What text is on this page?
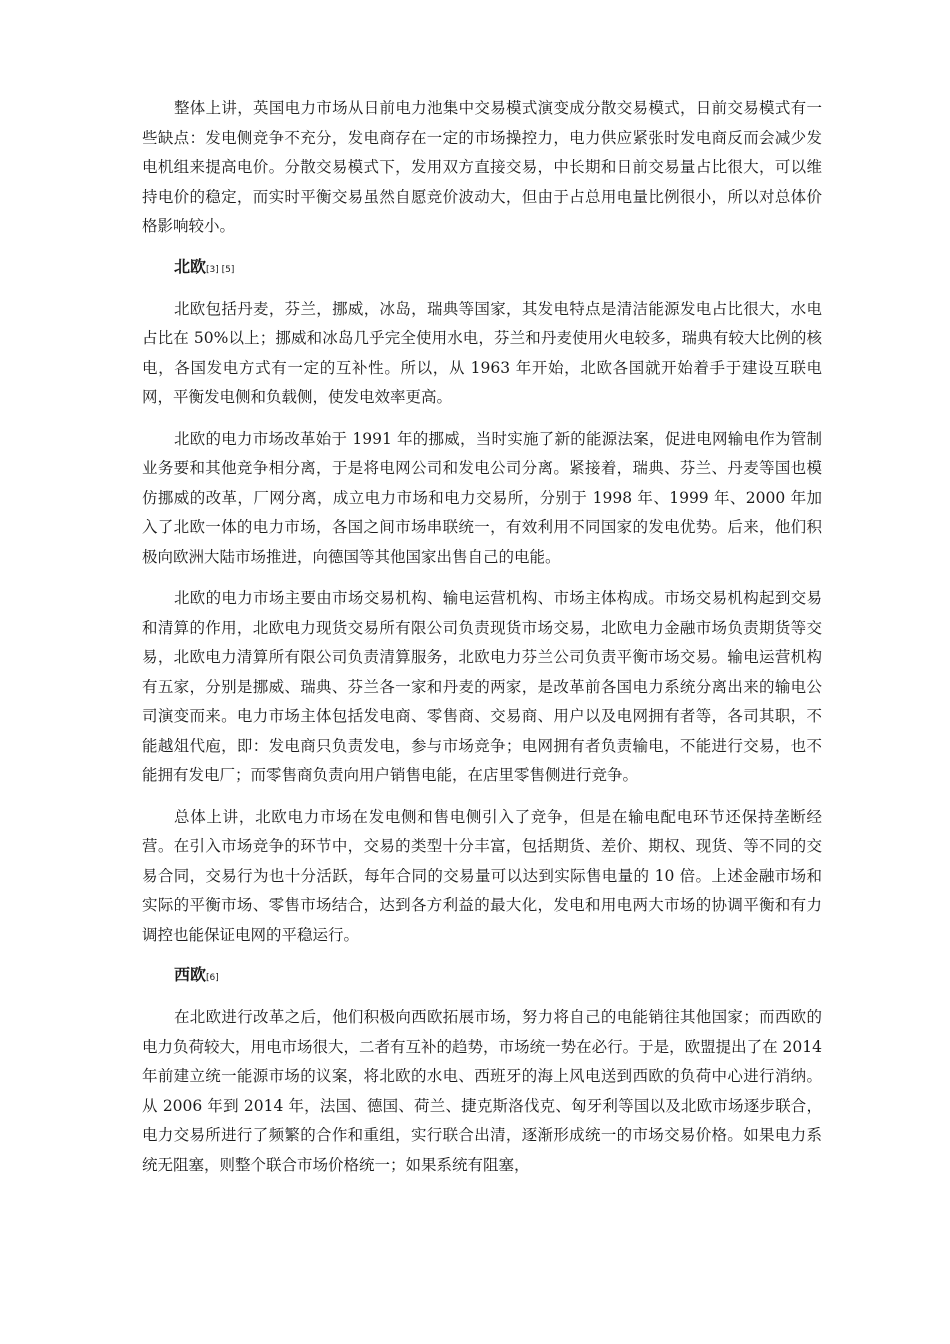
整体上讲，英国电力市场从日前电力池集中交易模式演变成分散交易模式，日前交易模式有一些缺点：发电侧竞争不充分，发电商存在一定的市场操控力，电力供应紧张时发电商反而会减少发电机组来提高电价。分散交易模式下，发用双方直接交易，中长期和日前交易量占比很大，可以维持电价的稳定，而实时平衡交易虽然自愿竞价波动大，但由于占总用电量比例很小，所以对总体价格影响较小。

北欧[3] [5]

北欧包括丹麦，芬兰，挪威，冰岛，瑞典等国家，其发电特点是清洁能源发电占比很大，水电占比在 50%以上；挪威和冰岛几乎完全使用水电，芬兰和丹麦使用火电较多，瑞典有较大比例的核电，各国发电方式有一定的互补性。所以，从 1963 年开始，北欧各国就开始着手于建设互联电网，平衡发电侧和负载侧，使发电效率更高。

北欧的电力市场改革始于 1991 年的挪威，当时实施了新的能源法案，促进电网输电作为管制业务要和其他竞争相分离，于是将电网公司和发电公司分离。紧接着，瑞典、芬兰、丹麦等国也模仿挪威的改革，厂网分离，成立电力市场和电力交易所，分别于 1998 年、1999 年、2000 年加入了北欧一体的电力市场，各国之间市场串联统一，有效利用不同国家的发电优势。后来，他们积极向欧洲大陆市场推进，向德国等其他国家出售自己的电能。

北欧的电力市场主要由市场交易机构、输电运营机构、市场主体构成。市场交易机构起到交易和清算的作用，北欧电力现货交易所有限公司负责现货市场交易，北欧电力金融市场负责期货等交易，北欧电力清算所有限公司负责清算服务，北欧电力芬兰公司负责平衡市场交易。输电运营机构有五家，分别是挪威、瑞典、芬兰各一家和丹麦的两家，是改革前各国电力系统分离出来的输电公司演变而来。电力市场主体包括发电商、零售商、交易商、用户以及电网拥有者等，各司其职，不能越俎代庖，即：发电商只负责发电，参与市场竞争；电网拥有者负责输电，不能进行交易，也不能拥有发电厂；而零售商负责向用户销售电能，在店里零售侧进行竞争。

总体上讲，北欧电力市场在发电侧和售电侧引入了竞争，但是在输电配电环节还保持垄断经营。在引入市场竞争的环节中，交易的类型十分丰富，包括期货、差价、期权、现货、等不同的交易合同，交易行为也十分活跃，每年合同的交易量可以达到实际售电量的 10 倍。上述金融市场和实际的平衡市场、零售市场结合，达到各方利益的最大化，发电和用电两大市场的协调平衡和有力调控也能保证电网的平稳运行。

西欧[6]

在北欧进行改革之后，他们积极向西欧拓展市场，努力将自己的电能销往其他国家；而西欧的电力负荷较大，用电市场很大，二者有互补的趋势，市场统一势在必行。于是，欧盟提出了在 2014 年前建立统一能源市场的议案，将北欧的水电、西班牙的海上风电送到西欧的负荷中心进行消纳。从 2006 年到 2014 年，法国、德国、荷兰、捷克斯洛伐克、匈牙利等国以及北欧市场逐步联合，电力交易所进行了频繁的合作和重组，实行联合出清，逐渐形成统一的市场交易价格。如果电力系统无阻塞，则整个联合市场价格统一；如果系统有阻塞，
